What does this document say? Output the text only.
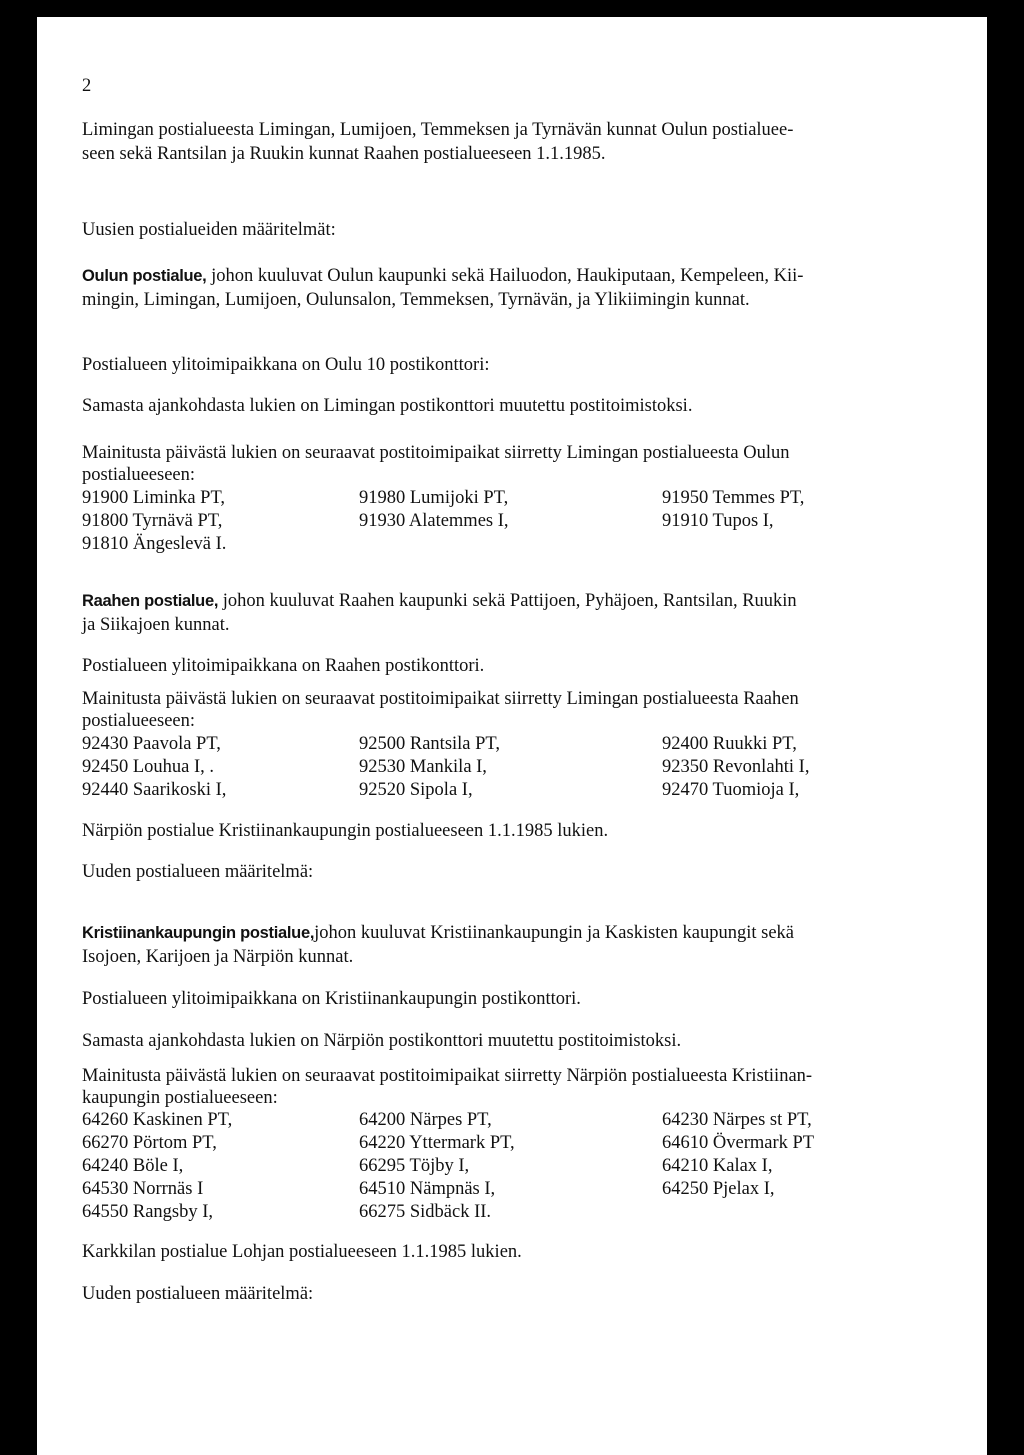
2
Limingan postialueesta Limingan, Lumijoen, Temmeksen ja Tyrnävän kunnat Oulun postialuee-
seen sekä Rantsilan ja Ruukin kunnat Raahen postialueeseen 1.1.1985.
Uusien postialueiden määritelmät:
Oulun postialue, johon kuuluvat Oulun kaupunki sekä Hailuodon, Haukiputaan, Kempeleen, Kii-
mingin, Limingan, Lumijoen, Oulunsalon, Temmeksen, Tyrnävän, ja Ylikiimingin kunnat.
Postialueen ylitoimipaikkana on Oulu 10 postikonttori:
Samasta ajankohdasta lukien on Limingan postikonttori muutettu postitoimistoksi.
Mainitusta päivästä lukien on seuraavat postitoimipaikat siirretty Limingan postialueesta Oulun
postialueeseen:
91900 Liminka PT,	91980 Lumijoki PT,	91950 Temmes PT,
91800 Tyrnävä PT,	91930 Alatemmes I,	91910 Tupos I,
91810 Ängeslevä I.
Raahen postialue, johon kuuluvat Raahen kaupunki sekä Pattijoen, Pyhäjoen, Rantsilan, Ruukin
ja Siikajoen kunnat.
Postialueen ylitoimipaikkana on Raahen postikonttori.
Mainitusta päivästä lukien on seuraavat postitoimipaikat siirretty Limingan postialueesta Raahen
postialueeseen:
92430 Paavola PT,	92500 Rantsila PT,	92400 Ruukki PT,
92450 Louhua I, .	92530 Mankila I,	92350 Revonlahti I,
92440 Saarikoski I,	92520 Sipola I,	92470 Tuomioja I,
Närpiön postialue Kristiinankaupungin postialueeseen 1.1.1985 lukien.
Uuden postialueen määritelmä:
Kristiinankaupungin postialue,johon kuuluvat Kristiinankaupungin ja Kaskisten kaupungit sekä
Isojoen, Karijoen ja Närpiön kunnat.
Postialueen ylitoimipaikkana on Kristiinankaupungin postikonttori.
Samasta ajankohdasta lukien on Närpiön postikonttori muutettu postitoimistoksi.
Mainitusta päivästä lukien on seuraavat postitoimipaikat siirretty Närpiön postialueesta Kristiinan-
kaupungin postialueeseen:
64260 Kaskinen PT,	64200 Närpes PT,	64230 Närpes st PT,
66270 Pörtom PT,	64220 Yttermark PT,	64610 Övermark PT
64240 Böle I,	66295 Töjby I,	64210 Kalax I,
64530 Norrnäs I	64510 Nämpnäs I,	64250 Pjelax I,
64550 Rangsby I,	66275 Sidbäck II.
Karkkilan postialue Lohjan postialueeseen 1.1.1985 lukien.
Uuden postialueen määritelmä:
